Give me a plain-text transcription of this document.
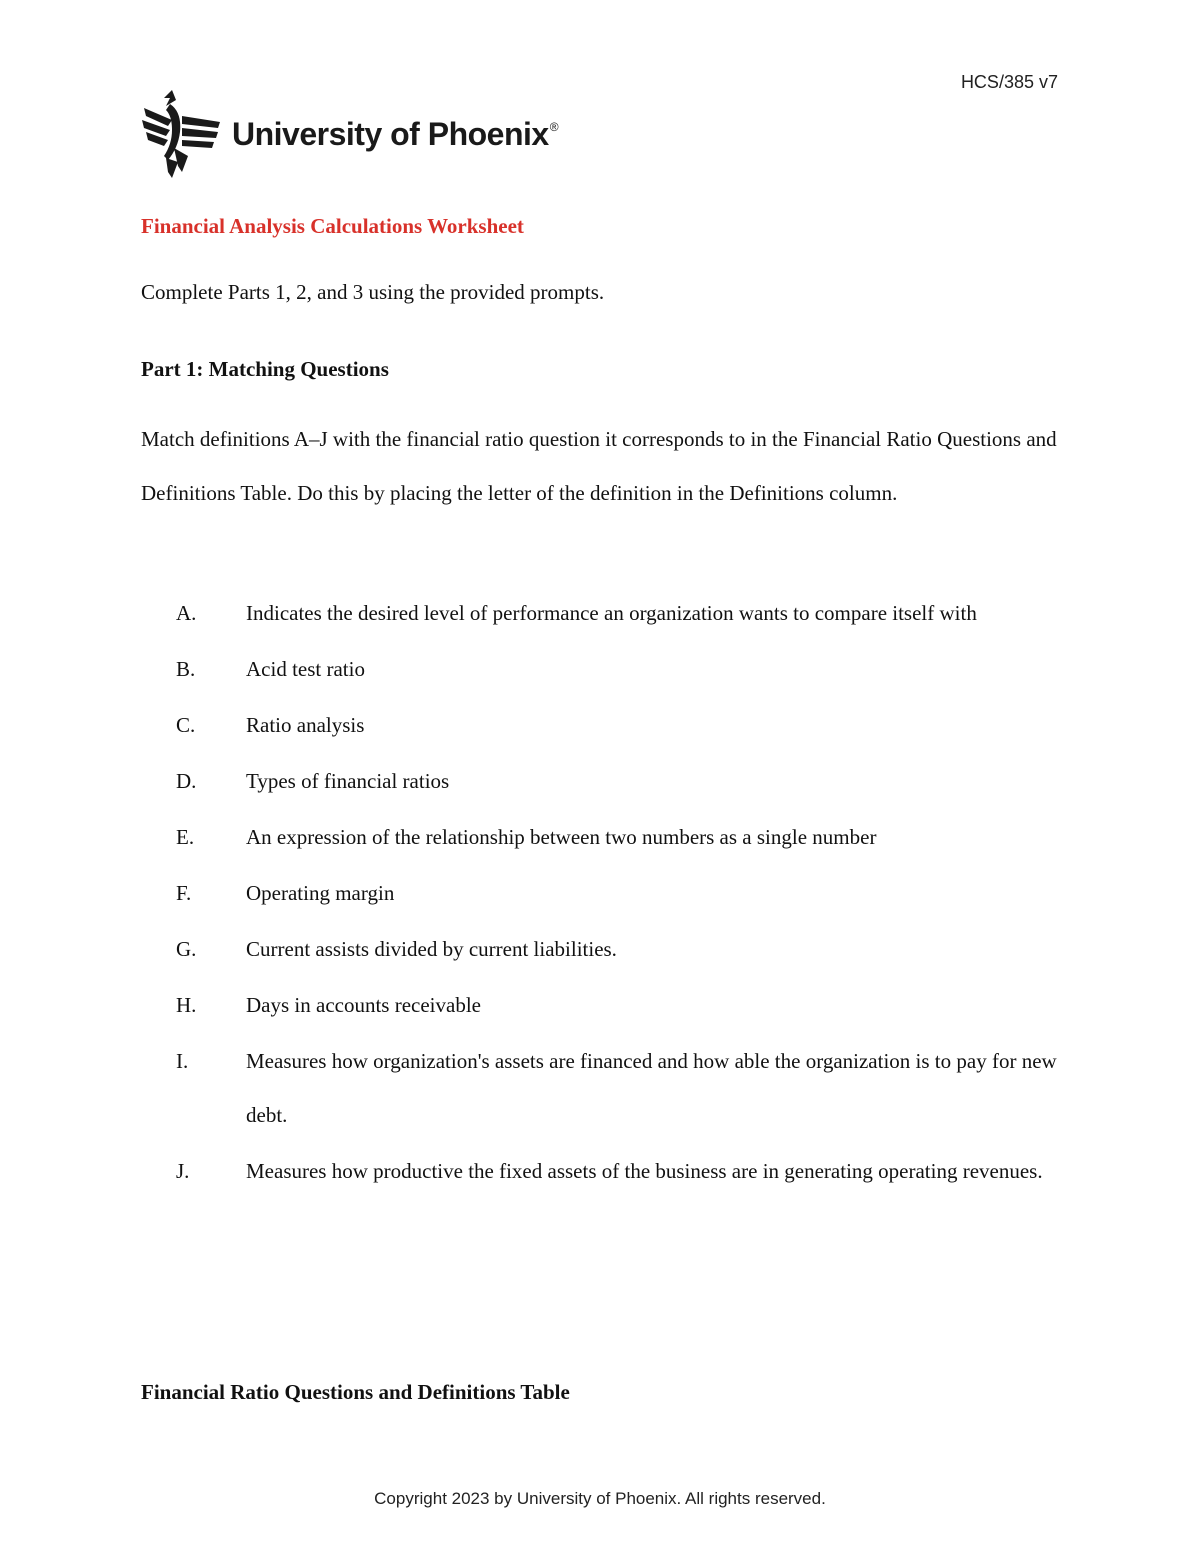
HCS/385 v7
University of Phoenix®
Financial Analysis Calculations Worksheet

Complete Parts 1, 2, and 3 using the provided prompts.

Part 1: Matching Questions

Match definitions A–J with the financial ratio question it corresponds to in the Financial Ratio Questions and Definitions Table. Do this by placing the letter of the definition in the Definitions column.

A.	Indicates the desired level of performance an organization wants to compare itself with
B.	Acid test ratio
C.	Ratio analysis
D.	Types of financial ratios
E.	An expression of the relationship between two numbers as a single number
F.	Operating margin
G.	Current assists divided by current liabilities.
H.	Days in accounts receivable
I.	Measures how organization's assets are financed and how able the organization is to pay for new debt.
J.	Measures how productive the fixed assets of the business are in generating operating revenues.
Financial Ratio Questions and Definitions Table
Copyright 2023 by University of Phoenix. All rights reserved.
